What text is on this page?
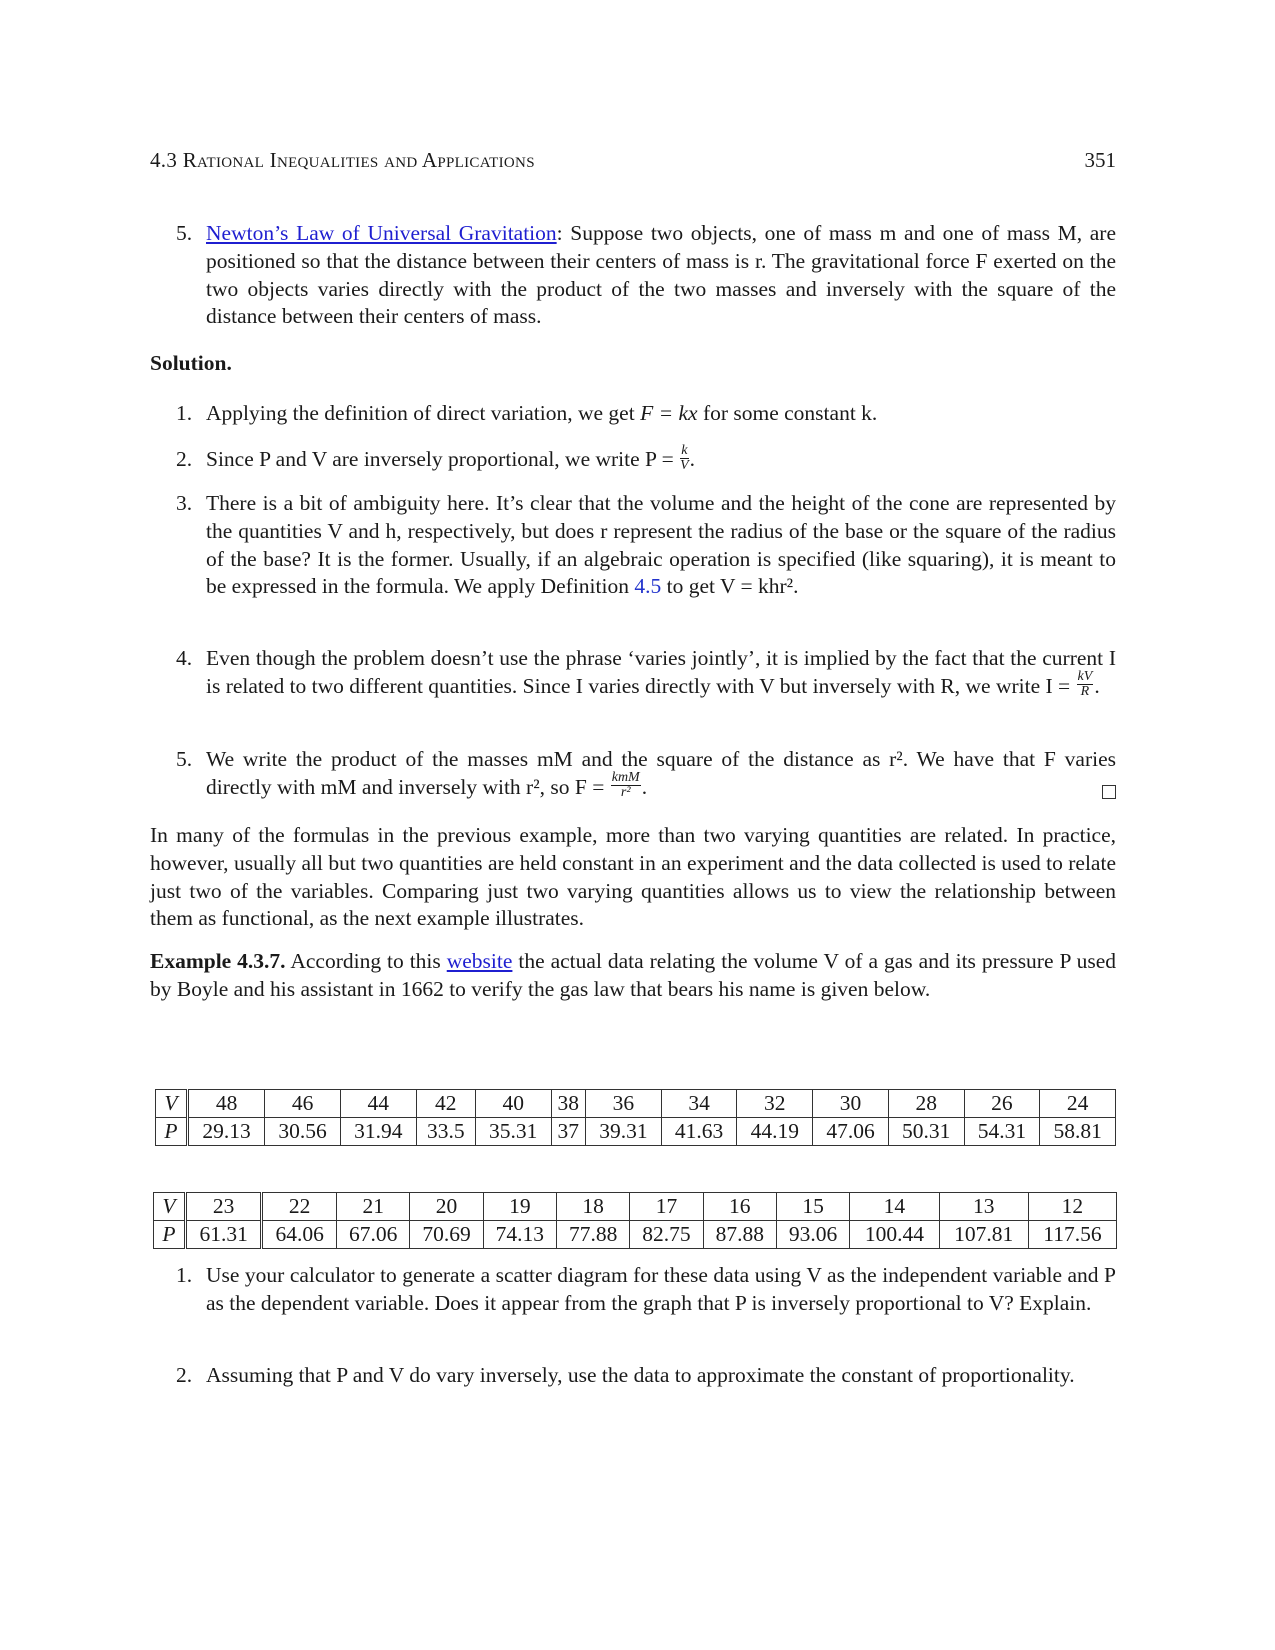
4.3 Rational Inequalities and Applications	351
5. Newton’s Law of Universal Gravitation: Suppose two objects, one of mass m and one of mass M, are positioned so that the distance between their centers of mass is r. The gravitational force F exerted on the two objects varies directly with the product of the two masses and inversely with the square of the distance between their centers of mass.
Solution.
1. Applying the definition of direct variation, we get F = kx for some constant k.
2. Since P and V are inversely proportional, we write $P = \frac{k}{V}$ .
3. There is a bit of ambiguity here. It’s clear that the volume and the height of the cone are represented by the quantities V and h, respectively, but does r represent the radius of the base or the square of the radius of the base? It is the former. Usually, if an algebraic operation is specified (like squaring), it is meant to be expressed in the formula. We apply Definition 4.5 to get V = khr².
4. Even though the problem doesn’t use the phrase ‘varies jointly’, it is implied by the fact that the current I is related to two different quantities. Since I varies directly with V but inversely with R, we write $I = \frac{kV}{R}$ .
5. We write the product of the masses mM and the square of the distance as r². We have that F varies directly with mM and inversely with r², so $F = \frac{\text{kmM}}{\text{r²}}$ .
In many of the formulas in the previous example, more than two varying quantities are related. In practice, however, usually all but two quantities are held constant in an experiment and the data collected is used to relate just two of the variables. Comparing just two varying quantities allows us to view the relationship between them as functional, as the next example illustrates.
Example 4.3.7. According to this website the actual data relating the volume V of a gas and its pressure P used by Boyle and his assistant in 1662 to verify the gas law that bears his name is given below.
V	48	46	44	42	40	38	36	34	32	30	28	26	24
P	29.13	30.56	31.94	33.5	35.31	37	39.31	41.63	44.19	47.06	50.31	54.31	58.81
V	23	22	21	20	19	18	17	16	15	14	13	12
P	61.31	64.06	67.06	70.69	74.13	77.88	82.75	87.88	93.06	100.44	107.81	117.56
1. Use your calculator to generate a scatter diagram for these data using V as the independent variable and P as the dependent variable. Does it appear from the graph that P is inversely proportional to V? Explain.
2. Assuming that P and V do vary inversely, use the data to approximate the constant of proportionality.
